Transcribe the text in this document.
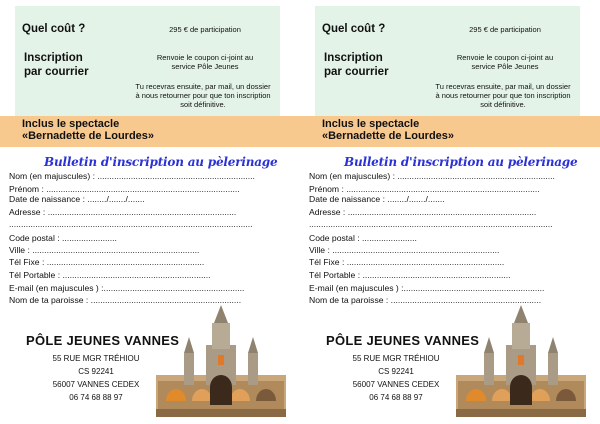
Quel coût ?	295 € de participation
Inscription
par courrier
Renvoie le coupon ci-joint au
service Pôle Jeunes
Tu recevras ensuite, par mail, un dossier
à nous retourner pour que ton inscription
soit définitive.
Inclus le spectacle
«Bernadette de Lourdes»
Bulletin d'inscription au pèlerinage
Nom (en majuscules) : ..................................................................
Prénom : .................................................................................
Date de naissance : ......../......./.......
Adresse : ...............................................................................
......................................................................................................
Code postal : .......................
Ville : ......................................................................
Tél Fixe : ..................................................................
Tél Portable : ..............................................................
E-mail (en majuscules ) :...........................................................
Nom de ta paroisse : ...............................................................
PÔLE JEUNES VANNES
55 RUE MGR TRÉHIOU
CS 92241
56007 VANNES CEDEX
06 74 68 88 97
Quel coût ?	295 € de participation
Inscription
par courrier
Renvoie le coupon ci-joint au
service Pôle Jeunes
Tu recevras ensuite, par mail, un dossier
à nous retourner pour que ton inscription
soit définitive.
Inclus le spectacle
«Bernadette de Lourdes»
Bulletin d'inscription au pèlerinage
Nom (en majuscules) : ..................................................................
Prénom : .................................................................................
Date de naissance : ......../......./.......
Adresse : ...............................................................................
......................................................................................................
Code postal : .......................
Ville : ......................................................................
Tél Fixe : ..................................................................
Tél Portable : ..............................................................
E-mail (en majuscules ) :...........................................................
Nom de ta paroisse : ...............................................................
PÔLE JEUNES VANNES
55 RUE MGR TRÉHIOU
CS 92241
56007 VANNES CEDEX
06 74 68 88 97
